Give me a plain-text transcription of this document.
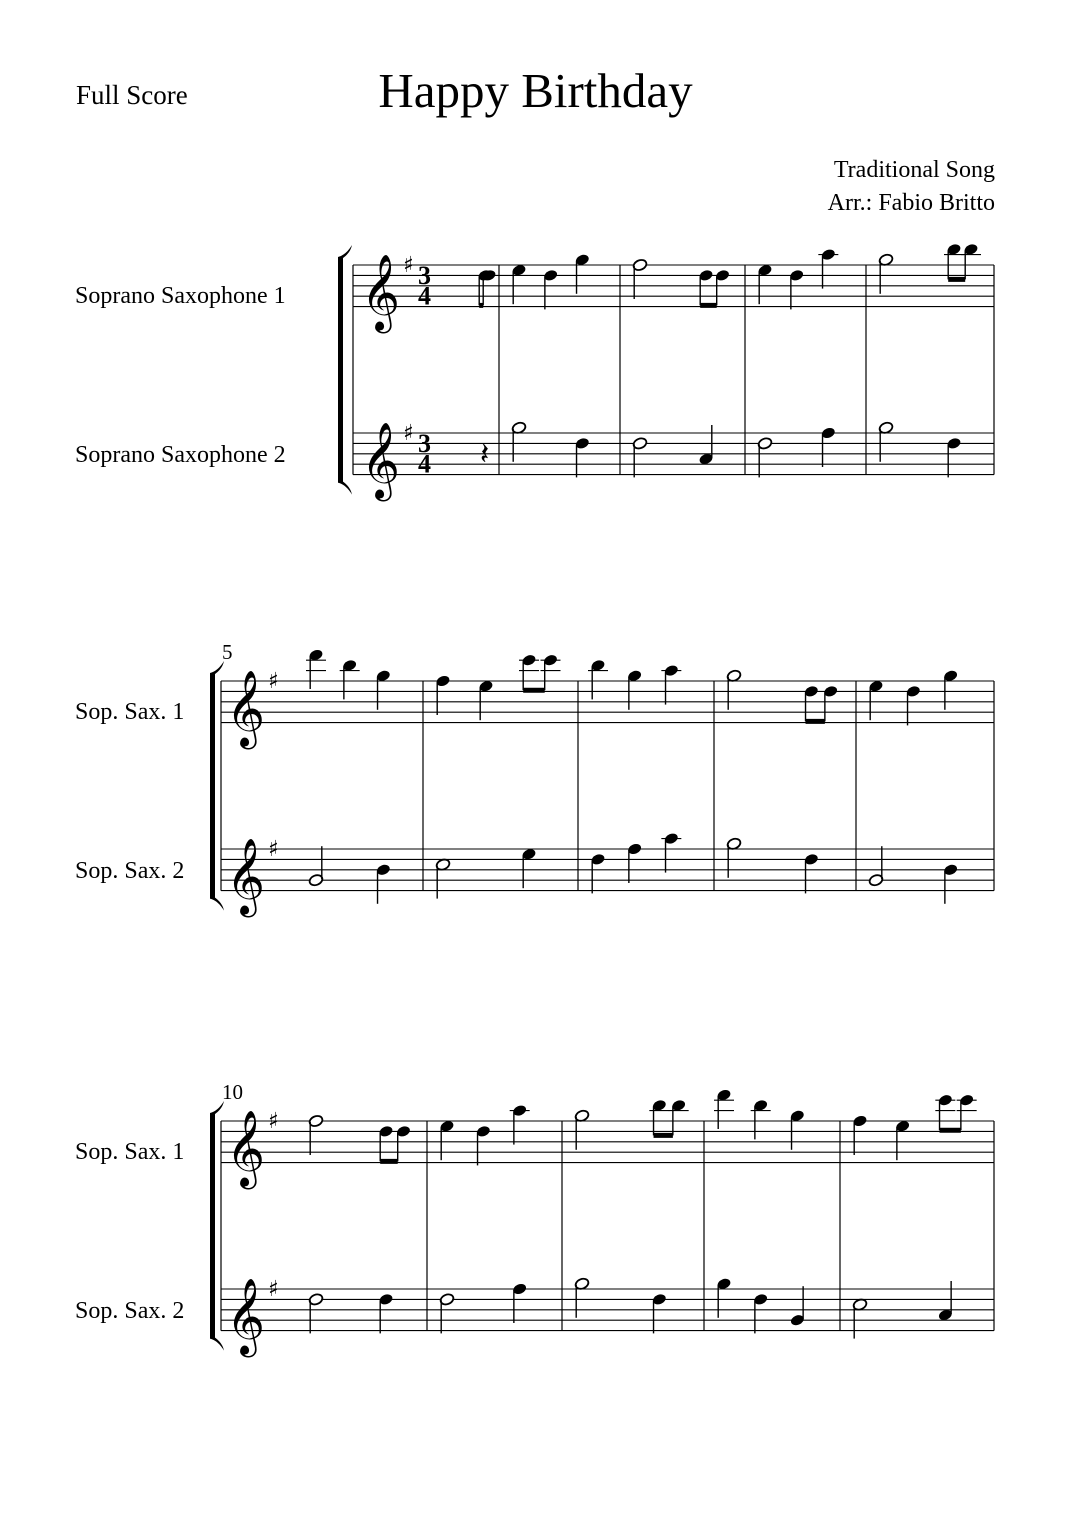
Full Score	Happy Birthday
Traditional Song
Arr.: Fabio Britto
Soprano Saxophone 1
Soprano Saxophone 2
Sop. Sax. 1
Sop. Sax. 2
Sop. Sax. 1
Sop. Sax. 2
5
10
𝄞 ♯ 3
4
𝄞 ♯ 3
4 𝄽
𝄞 ♯
𝄞 ♯
𝄞 ♯
𝄞 ♯
